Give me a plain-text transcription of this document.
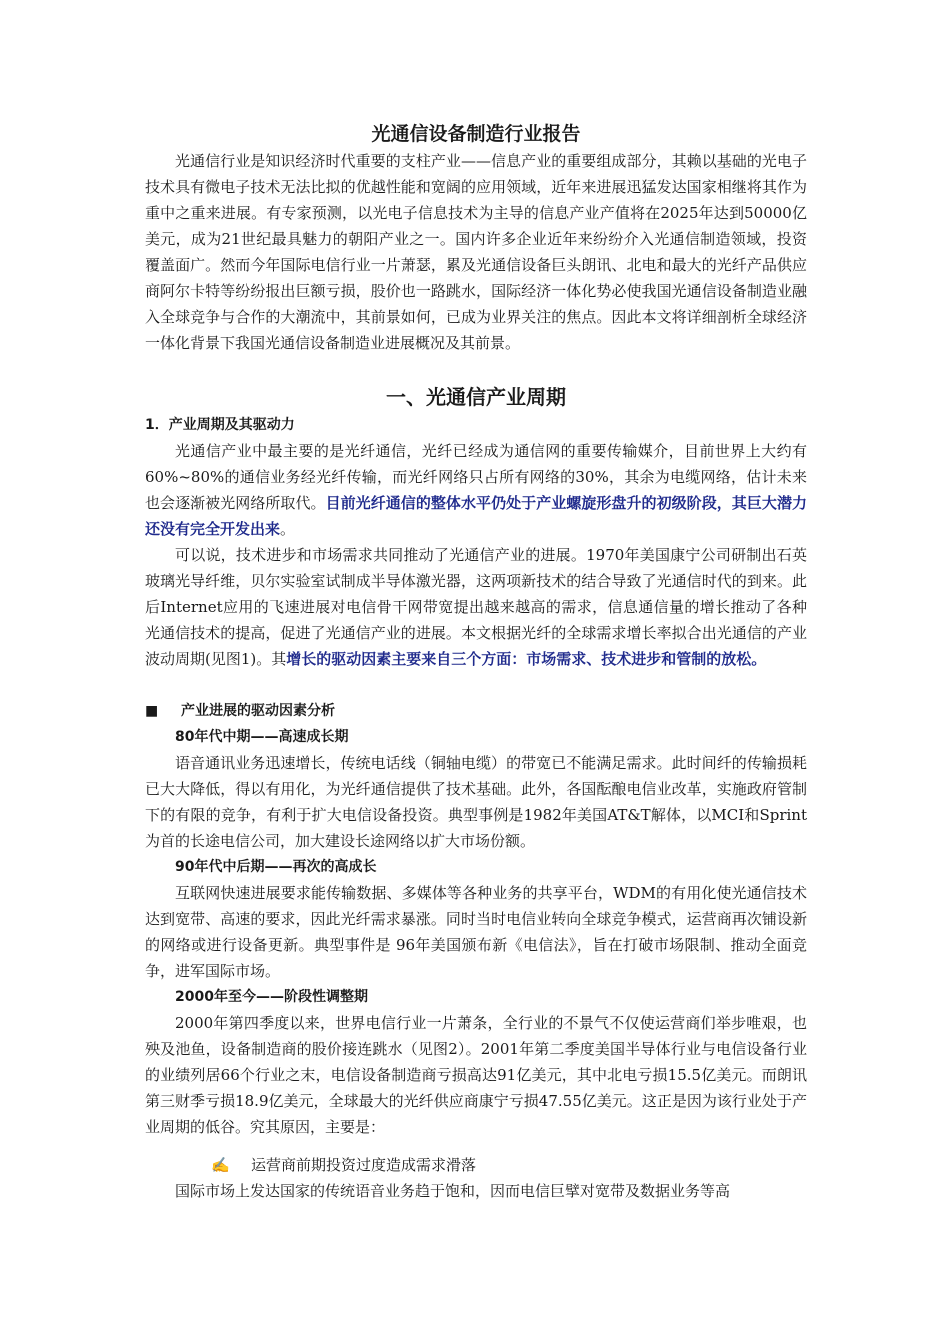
光通信设备制造行业报告

光通信行业是知识经济时代重要的支柱产业——信息产业的重要组成部分，其赖以基础的光电子技术具有微电子技术无法比拟的优越性能和宽阔的应用领域，近年来进展迅猛发达国家相继将其作为重中之重来进展。有专家预测，以光电子信息技术为主导的信息产业产值将在2025年达到50000亿美元，成为21世纪最具魅力的朝阳产业之一。国内许多企业近年来纷纷介入光通信制造领域，投资覆盖面广。然而今年国际电信行业一片萧瑟，累及光通信设备巨头朗讯、北电和最大的光纤产品供应商阿尔卡特等纷纷报出巨额亏损，股价也一路跳水，国际经济一体化势必使我国光通信设备制造业融入全球竞争与合作的大潮流中，其前景如何，已成为业界关注的焦点。因此本文将详细剖析全球经济一体化背景下我国光通信设备制造业进展概况及其前景。

一、光通信产业周期

1．产业周期及其驱动力

光通信产业中最主要的是光纤通信，光纤已经成为通信网的重要传输媒介，目前世界上大约有60%~80%的通信业务经光纤传输，而光纤网络只占所有网络的30%，其余为电缆网络，估计未来也会逐渐被光网络所取代。目前光纤通信的整体水平仍处于产业螺旋形盘升的初级阶段，其巨大潜力还没有完全开发出来。

可以说，技术进步和市场需求共同推动了光通信产业的进展。1970年美国康宁公司研制出石英玻璃光导纤维，贝尔实验室试制成半导体激光器，这两项新技术的结合导致了光通信时代的到来。此后Internet应用的飞速进展对电信骨干网带宽提出越来越高的需求，信息通信量的增长推动了各种光通信技术的提高，促进了光通信产业的进展。本文根据光纤的全球需求增长率拟合出光通信的产业波动周期(见图1)。其增长的驱动因素主要来自三个方面：市场需求、技术进步和管制的放松。

■ 产业进展的驱动因素分析

80年代中期——高速成长期

语音通讯业务迅速增长，传统电话线（铜轴电缆）的带宽已不能满足需求。此时间纤的传输损耗已大大降低，得以有用化，为光纤通信提供了技术基础。此外，各国酝酿电信业改革，实施政府管制下的有限的竞争，有利于扩大电信设备投资。典型事例是1982年美国AT&T解体，以MCI和Sprint为首的长途电信公司，加大建设长途网络以扩大市场份额。

90年代中后期——再次的高成长

互联网快速进展要求能传输数据、多媒体等各种业务的共享平台，WDM的有用化使光通信技术达到宽带、高速的要求，因此光纤需求暴涨。同时当时电信业转向全球竞争模式，运营商再次铺设新的网络或进行设备更新。典型事件是 96年美国颁布新《电信法》，旨在打破市场限制、推动全面竞争，进军国际市场。

2000年至今——阶段性调整期

2000年第四季度以来，世界电信行业一片萧条，全行业的不景气不仅使运营商们举步唯艰，也殃及池鱼，设备制造商的股价接连跳水（见图2）。2001年第二季度美国半导体行业与电信设备行业的业绩列居66个行业之末，电信设备制造商亏损高达91亿美元，其中北电亏损15.5亿美元。而朗讯第三财季亏损18.9亿美元，全球最大的光纤供应商康宁亏损47.55亿美元。这正是因为该行业处于产业周期的低谷。究其原因，主要是：

✍ 运营商前期投资过度造成需求滑落

国际市场上发达国家的传统语音业务趋于饱和，因而电信巨擘对宽带及数据业务等高
